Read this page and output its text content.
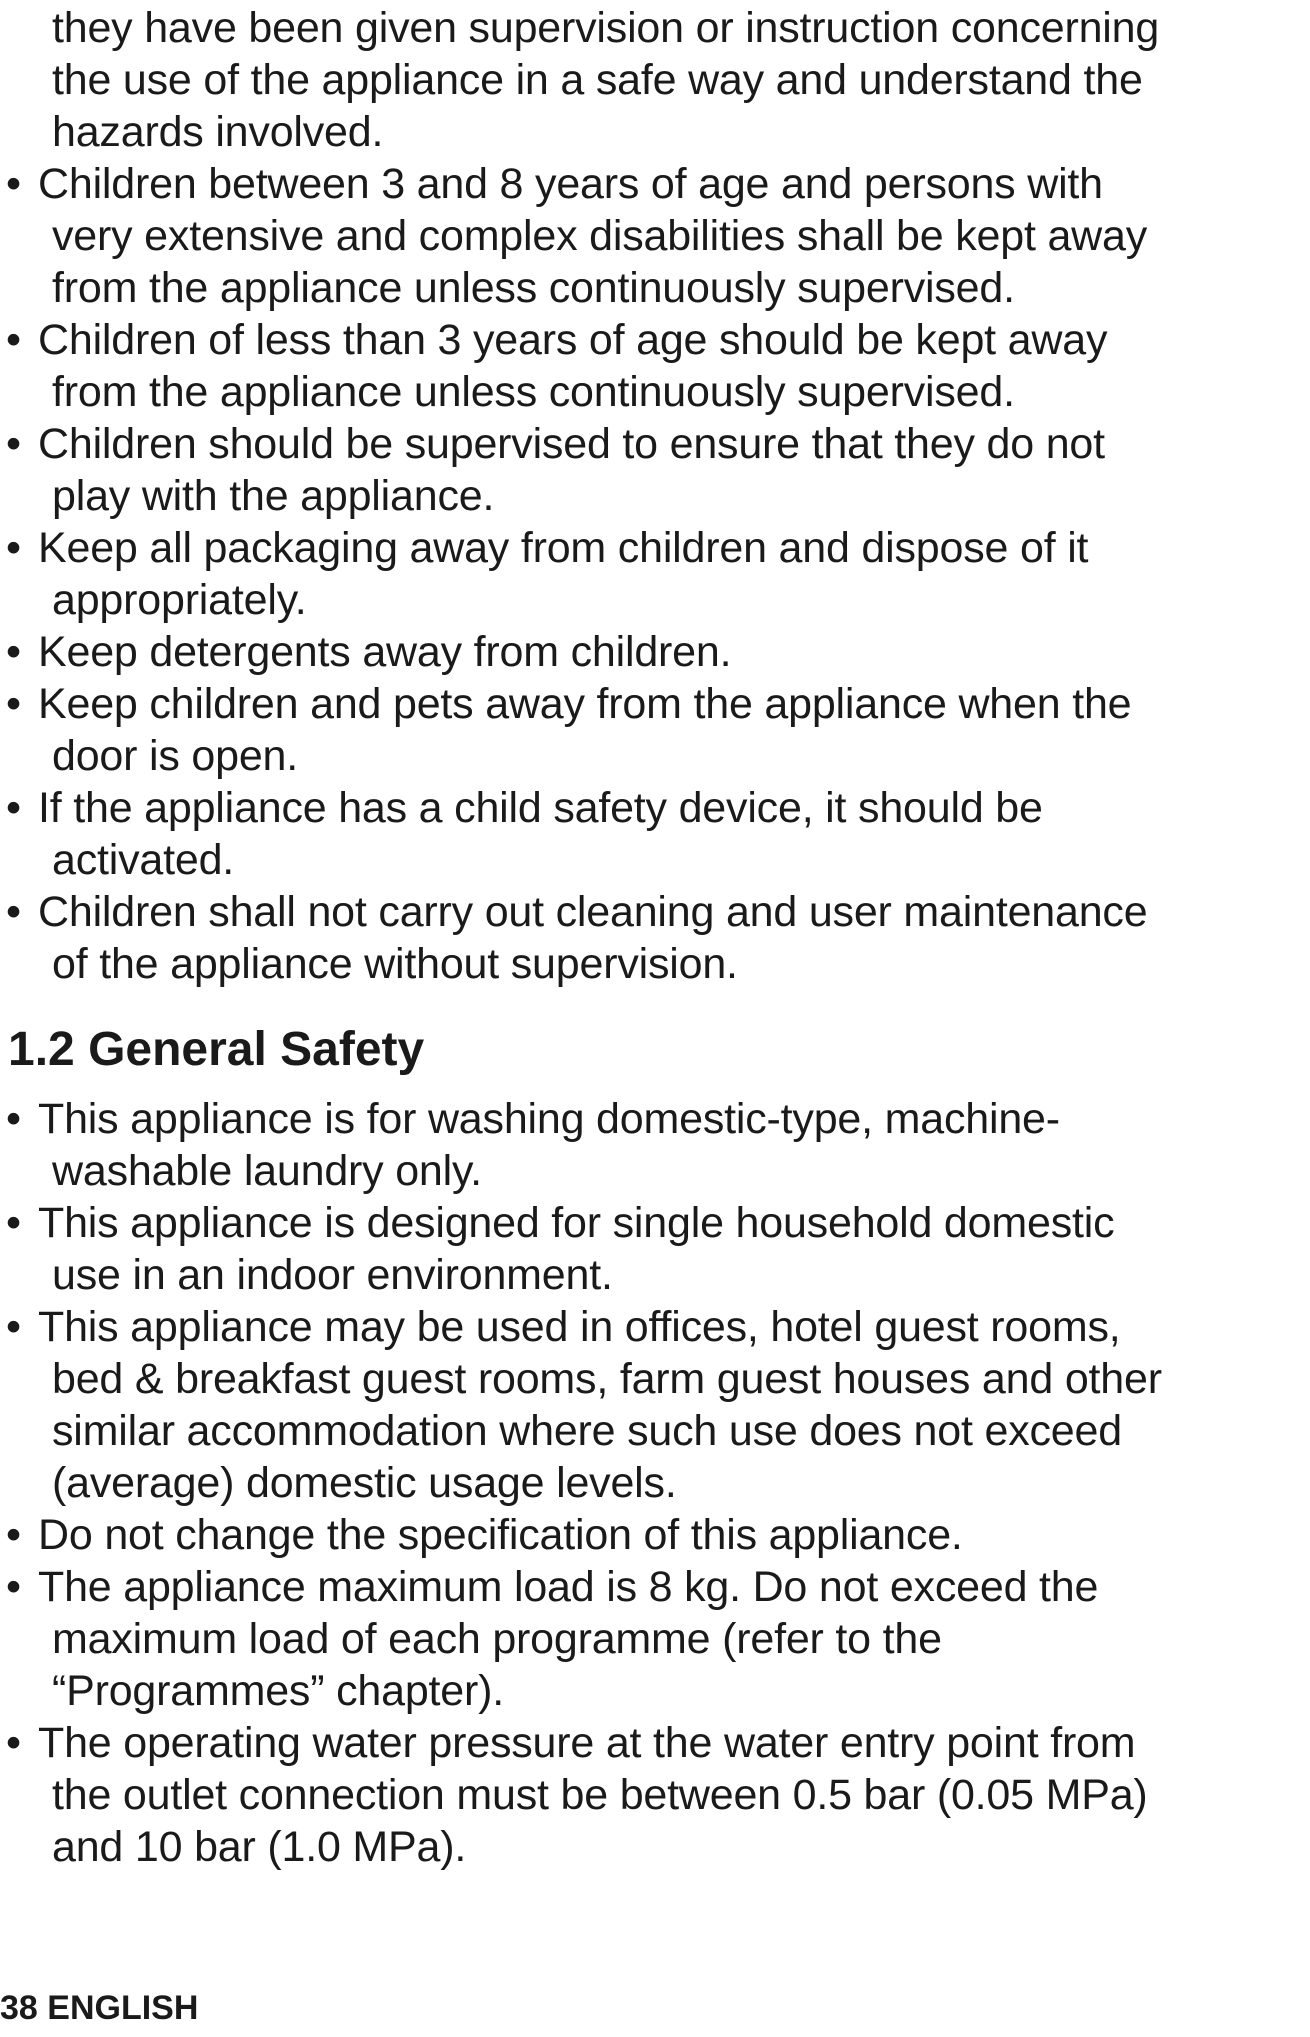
they have been given supervision or instruction concerning
the use of the appliance in a safe way and understand the
hazards involved.
• Children between 3 and 8 years of age and persons with
very extensive and complex disabilities shall be kept away
from the appliance unless continuously supervised.
• Children of less than 3 years of age should be kept away
from the appliance unless continuously supervised.
• Children should be supervised to ensure that they do not
play with the appliance.
• Keep all packaging away from children and dispose of it
appropriately.
• Keep detergents away from children.
• Keep children and pets away from the appliance when the
door is open.
• If the appliance has a child safety device, it should be
activated.
• Children shall not carry out cleaning and user maintenance
of the appliance without supervision.
1.2 General Safety
• This appliance is for washing domestic-type, machine-
washable laundry only.
• This appliance is designed for single household domestic
use in an indoor environment.
• This appliance may be used in offices, hotel guest rooms,
bed & breakfast guest rooms, farm guest houses and other
similar accommodation where such use does not exceed
(average) domestic usage levels.
• Do not change the specification of this appliance.
• The appliance maximum load is 8 kg. Do not exceed the
maximum load of each programme (refer to the
“Programmes” chapter).
• The operating water pressure at the water entry point from
the outlet connection must be between 0.5 bar (0.05 MPa)
and 10 bar (1.0 MPa).
38 ENGLISH
